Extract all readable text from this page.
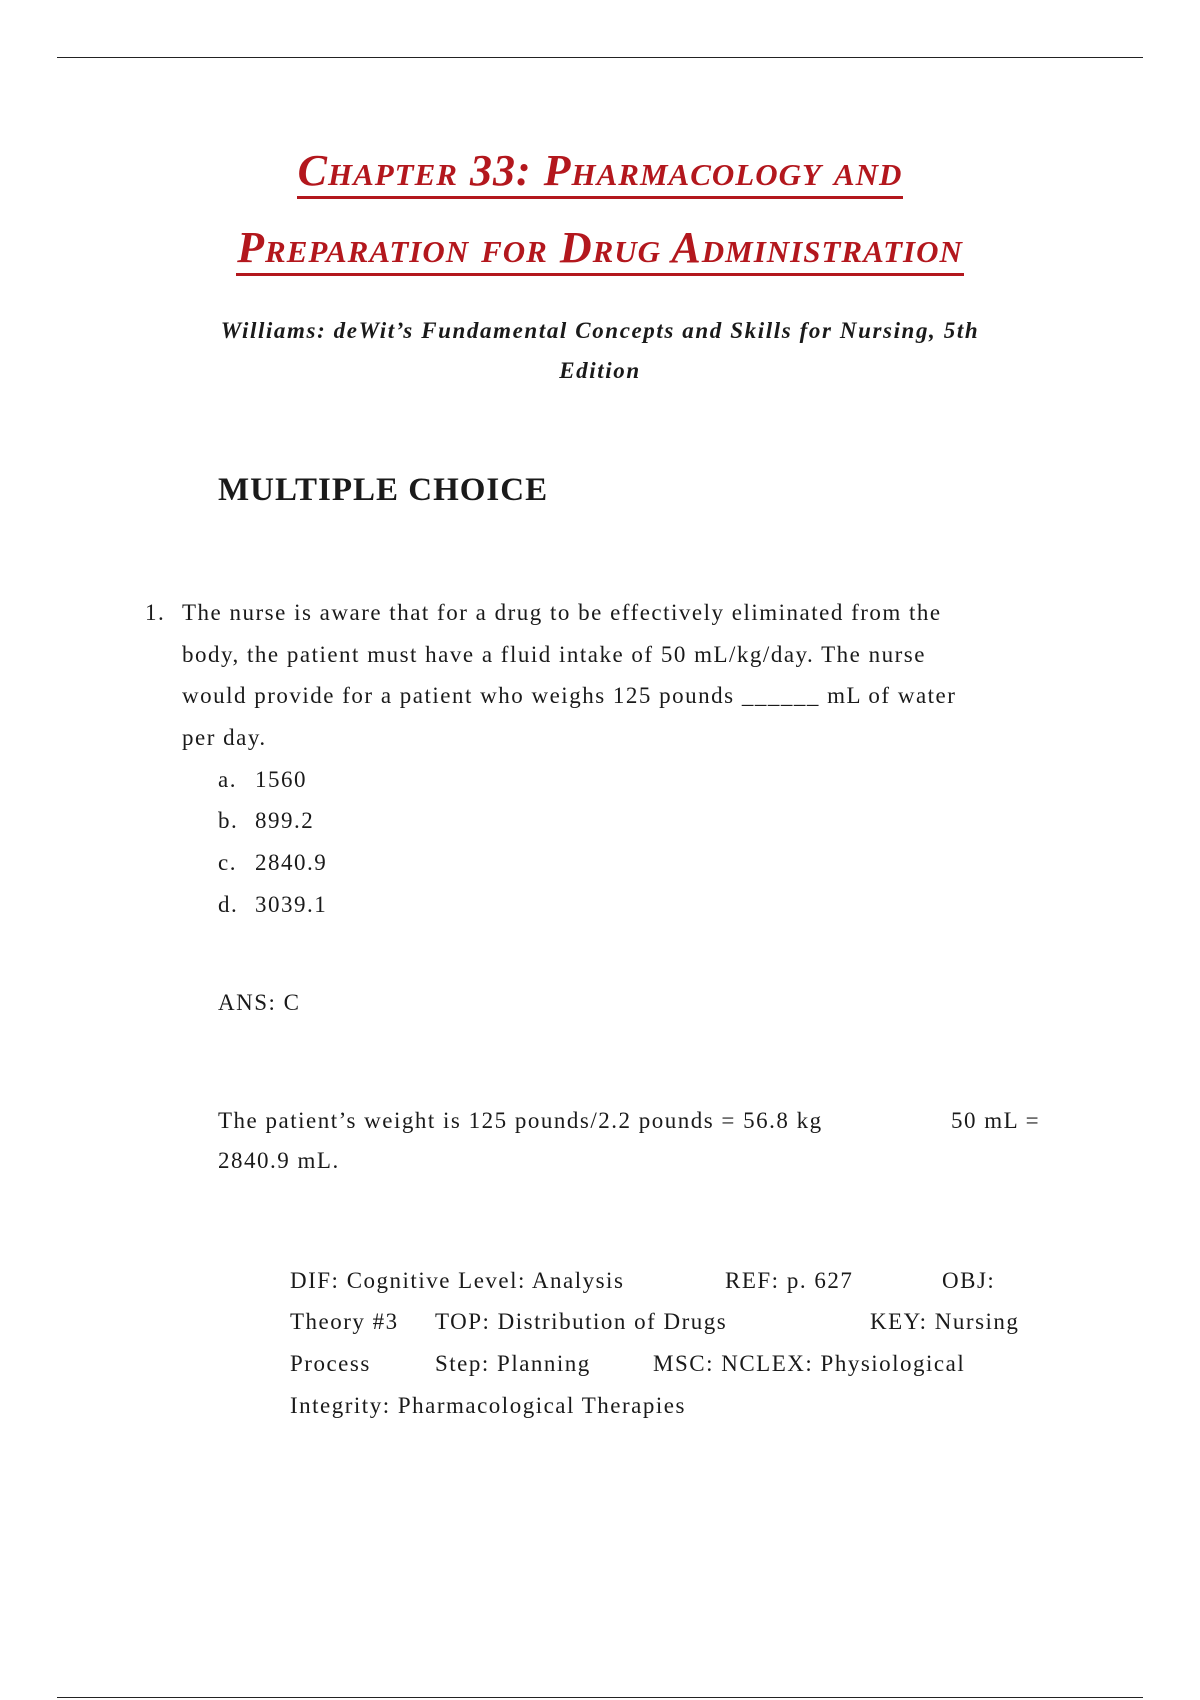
Chapter 33: Pharmacology and
Preparation for Drug Administration
Williams: deWit’s Fundamental Concepts and Skills for Nursing, 5th
Edition
MULTIPLE CHOICE
1. The nurse is aware that for a drug to be effectively eliminated from the
body, the patient must have a fluid intake of 50 mL/kg/day. The nurse
would provide for a patient who weighs 125 pounds ______ mL of water
per day.
a. 1560
b. 899.2
c. 2840.9
d. 3039.1
ANS: C
The patient’s weight is 125 pounds/2.2 pounds = 56.8 kg	50 mL =
2840.9 mL.
DIF: Cognitive Level: Analysis	REF: p. 627	OBJ:
Theory #3 TOP: Distribution of Drugs	KEY: Nursing
Process	Step: Planning	MSC: NCLEX: Physiological
Integrity: Pharmacological Therapies
